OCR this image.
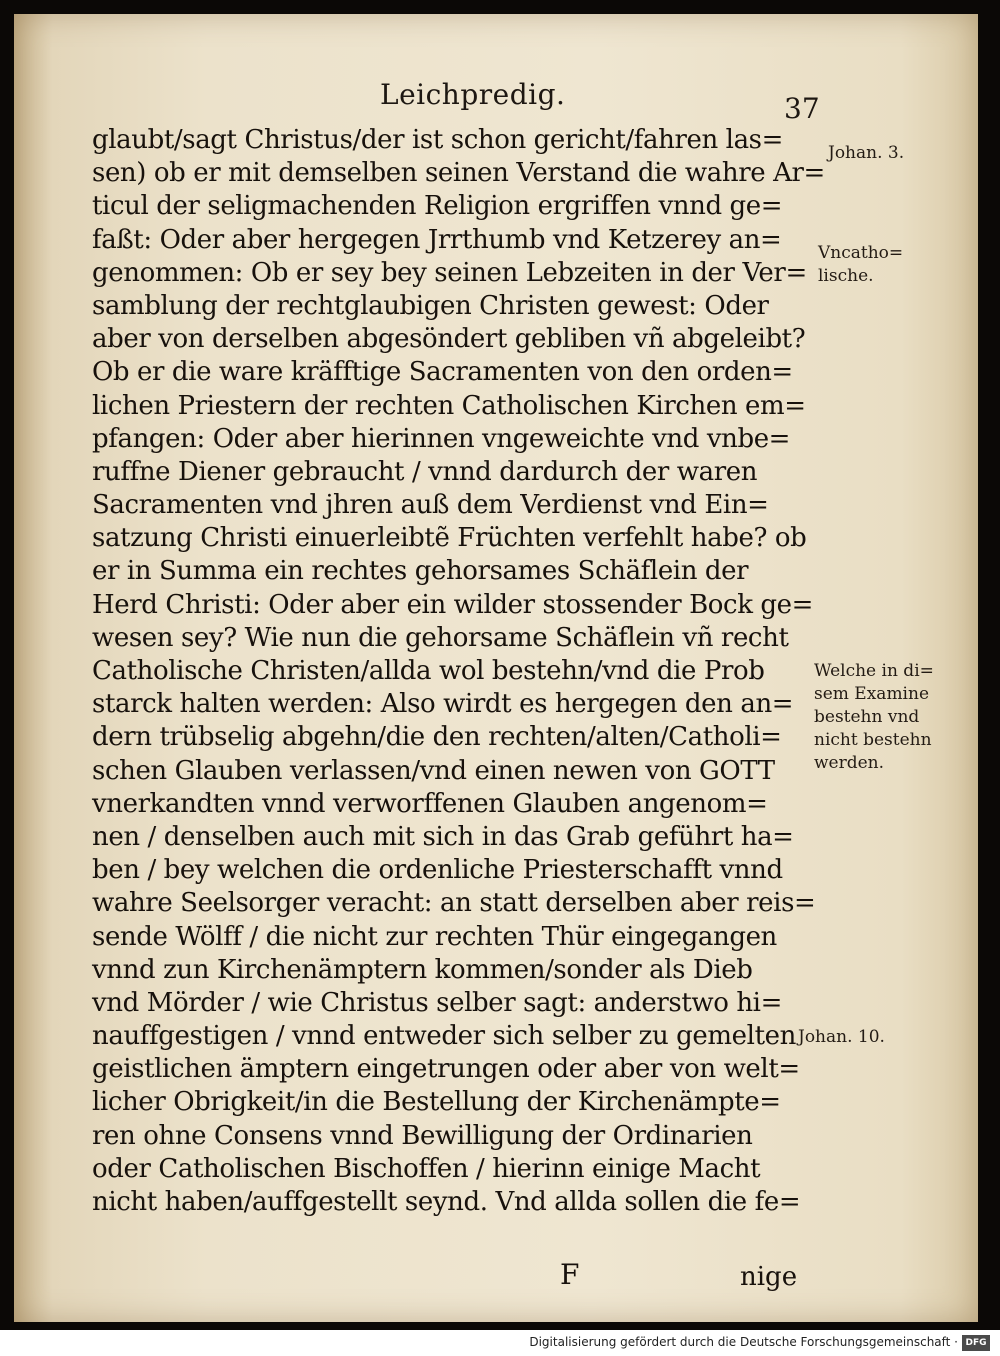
Leichpredig.	37
glaubt/sagt Christus/der ist schon gericht/fahren las=
sen) ob er mit demselben seinen Verstand die wahre Ar=
ticul der seligmachenden Religion ergriffen vnnd ge=
faßt: Oder aber hergegen Jrrthumb vnd Ketzerey an=
genommen: Ob er sey bey seinen Lebzeiten in der Ver=
samblung der rechtglaubigen Christen gewest: Oder
aber von derselben abgesöndert gebliben vñ abgeleibt?
Ob er die ware kräfftige Sacramenten von den orden=
lichen Priestern der rechten Catholischen Kirchen em=
pfangen: Oder aber hierinnen vngeweichte vnd vnbe=
ruffne Diener gebraucht / vnnd dardurch der waren
Sacramenten vnd jhren auß dem Verdienst vnd Ein=
satzung Christi einuerleibtẽ Früchten verfehlt habe? ob
er in Summa ein rechtes gehorsames Schäflein der
Herd Christi: Oder aber ein wilder stossender Bock ge=
wesen sey? Wie nun die gehorsame Schäflein vñ recht
Catholische Christen/allda wol bestehn/vnd die Prob
starck halten werden: Also wirdt es hergegen den an=
dern trübselig abgehn/die den rechten/alten/Catholi=
schen Glauben verlassen/vnd einen newen von GOTT
vnerkandten vnnd verworffenen Glauben angenom=
nen / denselben auch mit sich in das Grab geführt ha=
ben / bey welchen die ordenliche Priesterschafft vnnd
wahre Seelsorger veracht: an statt derselben aber reis=
sende Wölff / die nicht zur rechten Thür eingegangen
vnnd zun Kirchenämptern kommen/sonder als Dieb
vnd Mörder / wie Christus selber sagt: anderstwo hi=
nauffgestigen / vnnd entweder sich selber zu gemelten
geistlichen ämptern eingetrungen oder aber von welt=
licher Obrigkeit/in die Bestellung der Kirchenämpte=
ren ohne Consens vnnd Bewilligung der Ordinarien
oder Catholischen Bischoffen / hierinn einige Macht
nicht haben/auffgestellt seynd. Vnd allda sollen die fe=
Johan. 3.
Vncatho=
lische.
Welche in di=
sem Examine
bestehn vnd
nicht bestehn
werden.
Johan. 10.
F	nige
Digitalisierung gefördert durch die Deutsche Forschungsgemeinschaft · DFG
